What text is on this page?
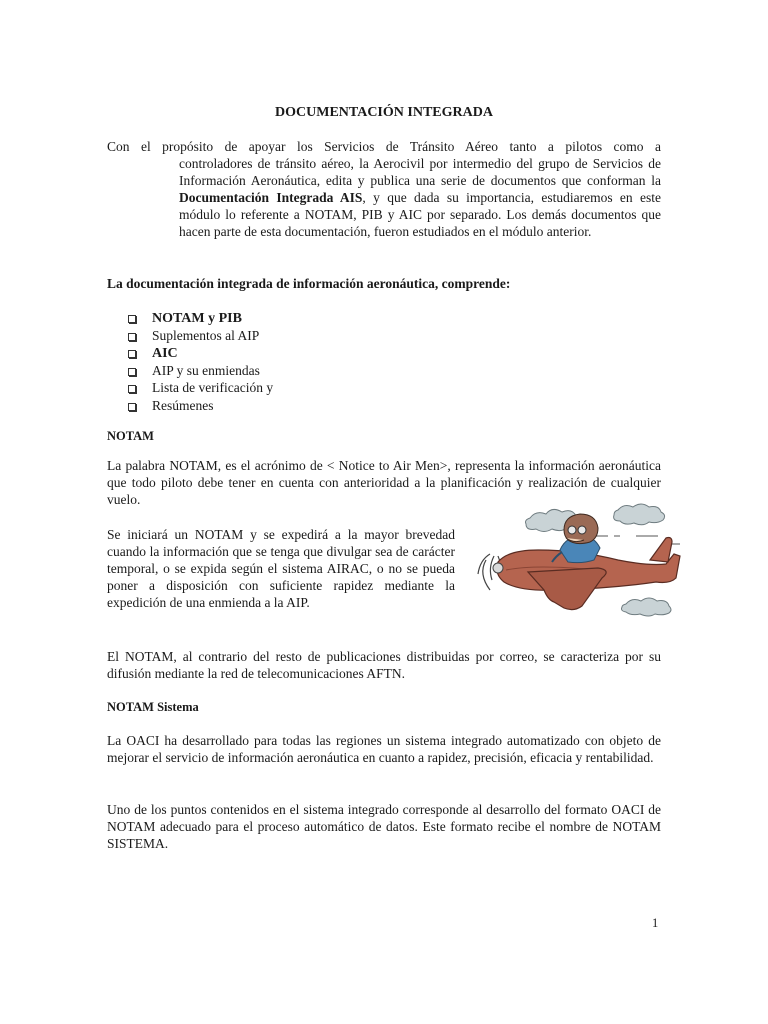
DOCUMENTACIÓN INTEGRADA
Con el propósito de apoyar los Servicios de Tránsito Aéreo tanto a pilotos como a
controladores de tránsito aéreo, la Aerocivil por intermedio del grupo de Servicios de Información Aeronáutica, edita y publica una serie de documentos que conforman la Documentación Integrada AIS, y que dada su importancia, estudiaremos en este módulo lo referente a NOTAM, PIB y AIC por separado. Los demás documentos que hacen parte de esta documentación, fueron estudiados en el módulo anterior.
La documentación integrada de información aeronáutica, comprende:
NOTAM y PIB
Suplementos al AIP
AIC
AIP y su enmiendas
Lista de verificación y
Resúmenes
NOTAM
La palabra NOTAM, es el acrónimo de < Notice to Air Men>, representa la información aeronáutica que todo piloto debe tener en cuenta con anterioridad a la planificación y realización de cualquier vuelo.
Se iniciará un NOTAM y se expedirá a la mayor brevedad cuando la información que se tenga que divulgar sea de carácter temporal, o se expida según el sistema AIRAC, o no se pueda poner a disposición con suficiente rapidez mediante la expedición de una enmienda a la AIP.
El NOTAM, al contrario del resto de publicaciones distribuidas por correo, se caracteriza por su difusión mediante la red de telecomunicaciones AFTN.
NOTAM Sistema
La OACI ha desarrollado para todas las regiones un sistema integrado automatizado con objeto de mejorar el servicio de información aeronáutica en cuanto a rapidez, precisión, eficacia y rentabilidad.
Uno de los puntos contenidos en el sistema integrado corresponde al desarrollo del formato OACI de NOTAM adecuado para el proceso automático de datos. Este formato recibe el nombre de NOTAM SISTEMA.
1
